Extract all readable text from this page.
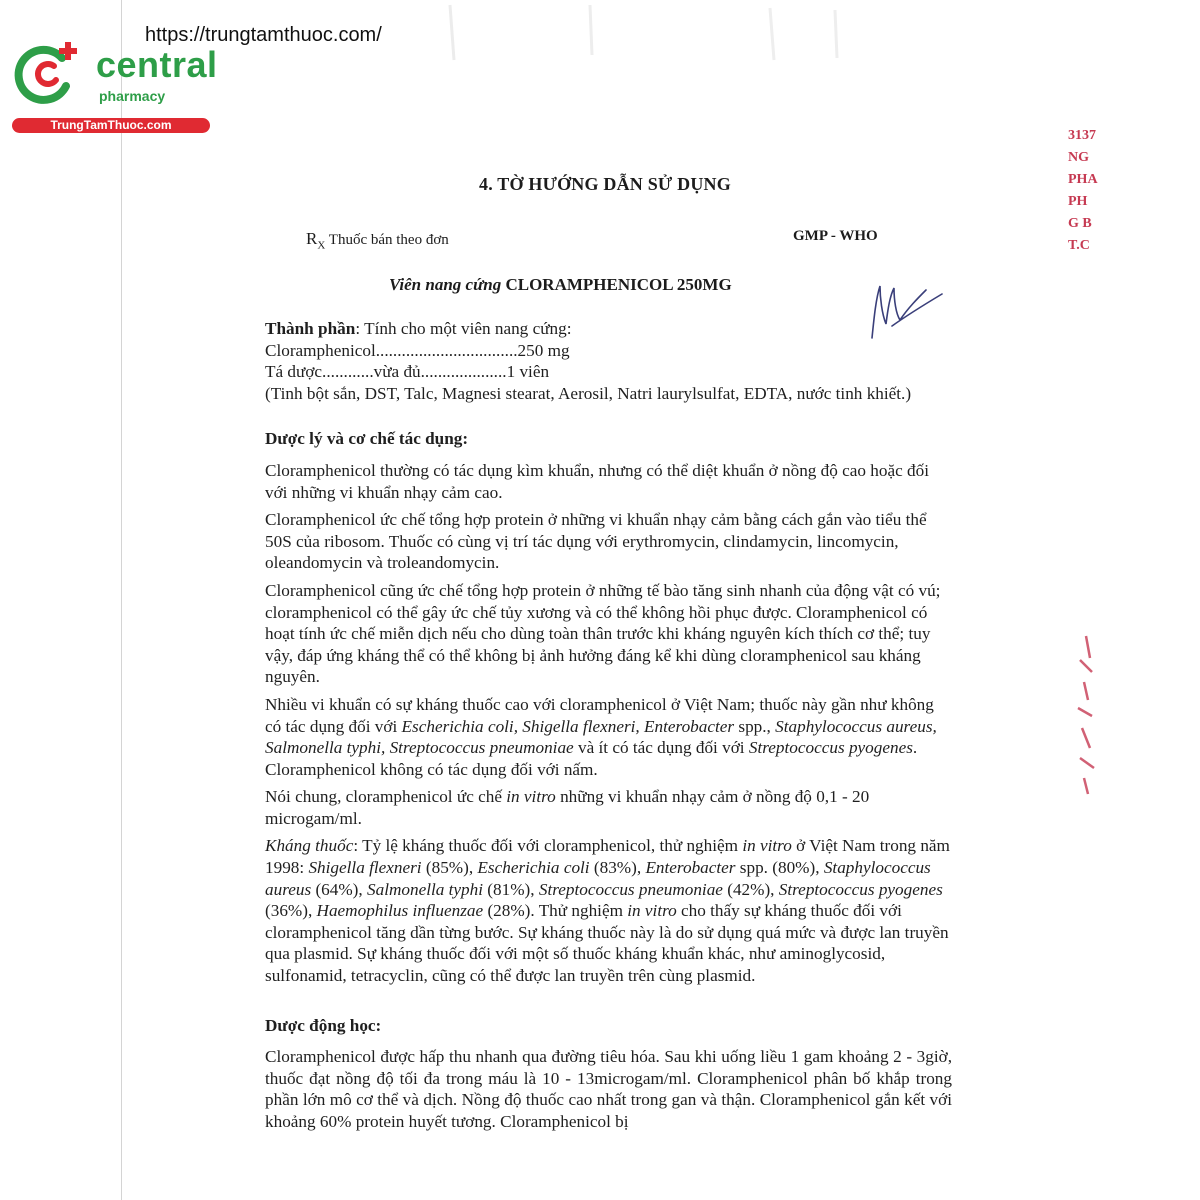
https://trungtamthuoc.com/
central
pharmacy
TrungTamThuoc.com
3137
NG
PHA
PH
G B
T.C
4. TỜ HƯỚNG DẪN SỬ DỤNG
$R_X$ Thuốc bán theo đơn	GMP - WHO
Viên nang cứng CLORAMPHENICOL 250MG

Thành phần: Tính cho một viên nang cứng:

Cloramphenicol.................................250 mg

Tá dược............vừa đủ....................1 viên

(Tinh bột sắn, DST, Talc, Magnesi stearat, Aerosil, Natri laurylsulfat, EDTA, nước tinh khiết.)

Dược lý và cơ chế tác dụng:

Cloramphenicol thường có tác dụng kìm khuẩn, nhưng có thể diệt khuẩn ở nồng độ cao hoặc đối với những vi khuẩn nhạy cảm cao.

Cloramphenicol ức chế tổng hợp protein ở những vi khuẩn nhạy cảm bằng cách gắn vào tiểu thể 50S của ribosom. Thuốc có cùng vị trí tác dụng với erythromycin, clindamycin, lincomycin, oleandomycin và troleandomycin.

Cloramphenicol cũng ức chế tổng hợp protein ở những tế bào tăng sinh nhanh của động vật có vú; cloramphenicol có thể gây ức chế tủy xương và có thể không hồi phục được. Cloramphenicol có hoạt tính ức chế miễn dịch nếu cho dùng toàn thân trước khi kháng nguyên kích thích cơ thể; tuy vậy, đáp ứng kháng thể có thể không bị ảnh hưởng đáng kể khi dùng cloramphenicol sau kháng nguyên.

Nhiều vi khuẩn có sự kháng thuốc cao với cloramphenicol ở Việt Nam; thuốc này gần như không có tác dụng đối với Escherichia coli, Shigella flexneri, Enterobacter spp., Staphylococcus aureus, Salmonella typhi, Streptococcus pneumoniae và ít có tác dụng đối với Streptococcus pyogenes. Cloramphenicol không có tác dụng đối với nấm.

Nói chung, cloramphenicol ức chế in vitro những vi khuẩn nhạy cảm ở nồng độ 0,1 - 20 microgam/ml.

Kháng thuốc: Tỷ lệ kháng thuốc đối với cloramphenicol, thử nghiệm in vitro ở Việt Nam trong năm 1998: Shigella flexneri (85%), Escherichia coli (83%), Enterobacter spp. (80%), Staphylococcus aureus (64%), Salmonella typhi (81%), Streptococcus pneumoniae (42%), Streptococcus pyogenes (36%), Haemophilus influenzae (28%). Thử nghiệm in vitro cho thấy sự kháng thuốc đối với cloramphenicol tăng dần từng bước. Sự kháng thuốc này là do sử dụng quá mức và được lan truyền qua plasmid. Sự kháng thuốc đối với một số thuốc kháng khuẩn khác, như aminoglycosid, sulfonamid, tetracyclin, cũng có thể được lan truyền trên cùng plasmid.

Dược động học:

Cloramphenicol được hấp thu nhanh qua đường tiêu hóa. Sau khi uống liều 1 gam khoảng 2 - 3giờ, thuốc đạt nồng độ tối đa trong máu là 10 - 13microgam/ml. Cloramphenicol phân bố khắp trong phần lớn mô cơ thể và dịch. Nồng độ thuốc cao nhất trong gan và thận. Cloramphenicol gắn kết với khoảng 60% protein huyết tương. Cloramphenicol bị
